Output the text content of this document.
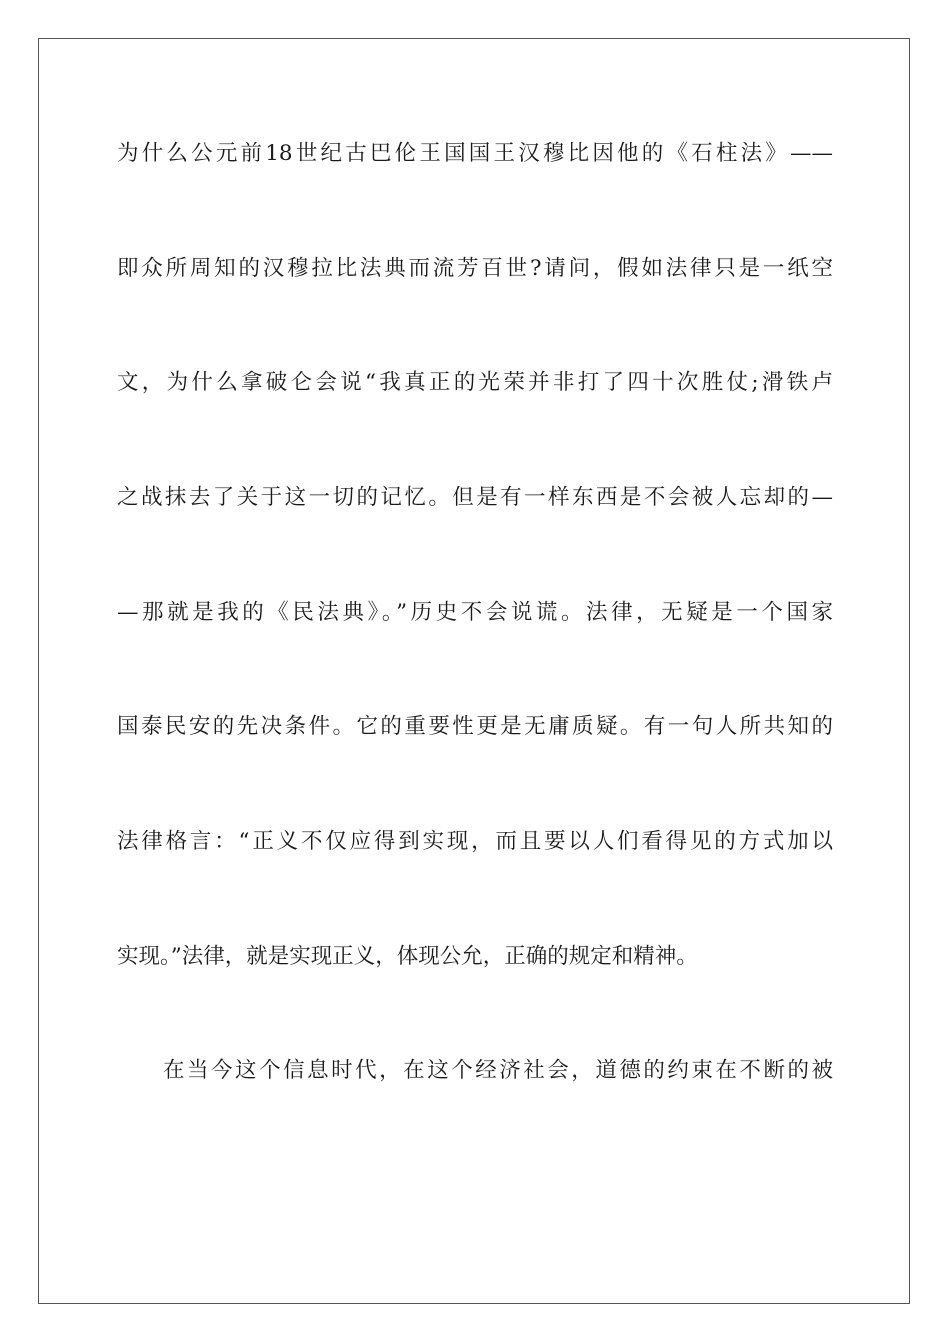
为什么公元前18世纪古巴伦王国国王汉穆比因他的《石柱法》——
即众所周知的汉穆拉比法典而流芳百世?请问，假如法律只是一纸空
文，为什么拿破仑会说“我真正的光荣并非打了四十次胜仗;滑铁卢
之战抹去了关于这一切的记忆。但是有一样东西是不会被人忘却的—
—那就是我的《民法典》。”历史不会说谎。法律，无疑是一个国家
国泰民安的先决条件。它的重要性更是无庸质疑。有一句人所共知的
法律格言：“正义不仅应得到实现，而且要以人们看得见的方式加以
实现。”法律，就是实现正义，体现公允，正确的规定和精神。
在当今这个信息时代，在这个经济社会，道德的约束在不断的被
